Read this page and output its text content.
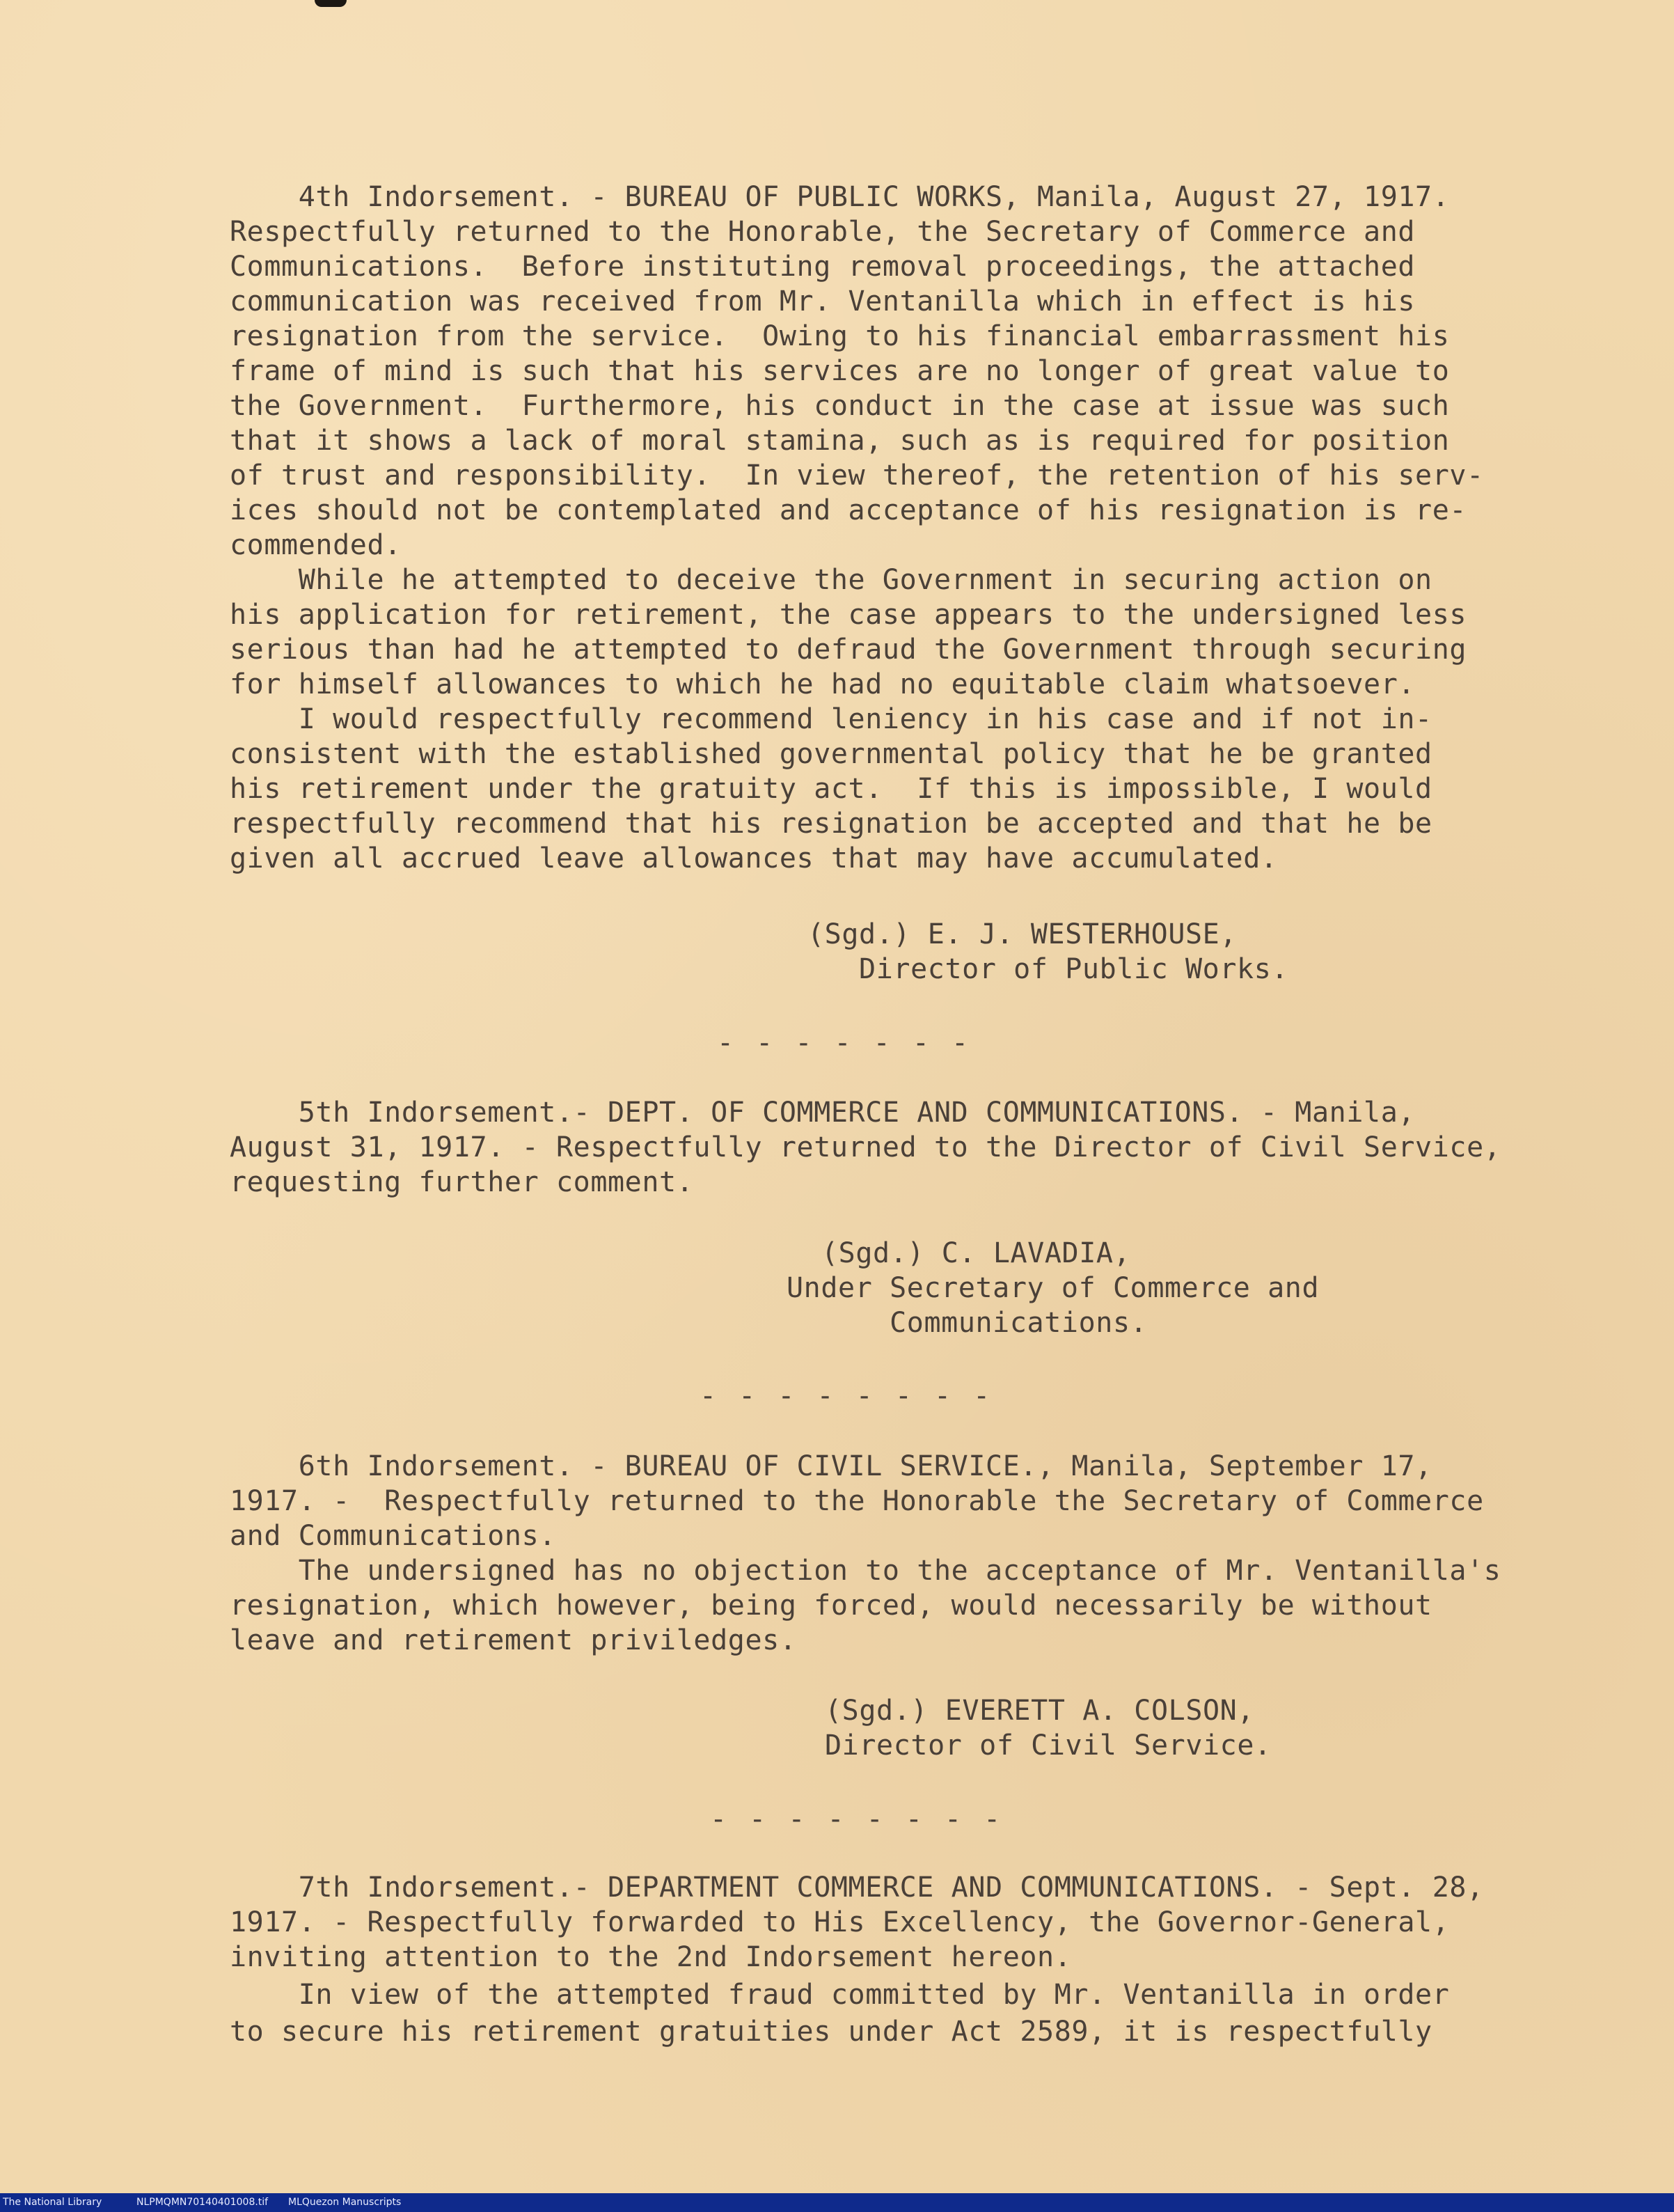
4th Indorsement. - BUREAU OF PUBLIC WORKS, Manila, August 27, 1917.
Respectfully returned to the Honorable, the Secretary of Commerce and
Communications.  Before instituting removal proceedings, the attached
communication was received from Mr. Ventanilla which in effect is his
resignation from the service.  Owing to his financial embarrassment his
frame of mind is such that his services are no longer of great value to
the Government.  Furthermore, his conduct in the case at issue was such
that it shows a lack of moral stamina, such as is required for position
of trust and responsibility.  In view thereof, the retention of his serv-
ices should not be contemplated and acceptance of his resignation is re-
commended.
While he attempted to deceive the Government in securing action on
his application for retirement, the case appears to the undersigned less
serious than had he attempted to defraud the Government through securing
for himself allowances to which he had no equitable claim whatsoever.
I would respectfully recommend leniency in his case and if not in-
consistent with the established governmental policy that he be granted
his retirement under the gratuity act.  If this is impossible, I would
respectfully recommend that his resignation be accepted and that he be
given all accrued leave allowances that may have accumulated.
(Sgd.) E. J. WESTERHOUSE,
Director of Public Works.
- - - - - - -
5th Indorsement.- DEPT. OF COMMERCE AND COMMUNICATIONS. - Manila,
August 31, 1917. - Respectfully returned to the Director of Civil Service,
requesting further comment.
(Sgd.) C. LAVADIA,
Under Secretary of Commerce and
Communications.
- - - - - - - -
6th Indorsement. - BUREAU OF CIVIL SERVICE., Manila, September 17,
1917. -  Respectfully returned to the Honorable the Secretary of Commerce
and Communications.
The undersigned has no objection to the acceptance of Mr. Ventanilla's
resignation, which however, being forced, would necessarily be without
leave and retirement priviledges.
(Sgd.) EVERETT A. COLSON,
Director of Civil Service.
- - - - - - - -
7th Indorsement.- DEPARTMENT COMMERCE AND COMMUNICATIONS. - Sept. 28,
1917. - Respectfully forwarded to His Excellency, the Governor-General,
inviting attention to the 2nd Indorsement hereon.
In view of the attempted fraud committed by Mr. Ventanilla in order
to secure his retirement gratuities under Act 2589, it is respectfully
The National Library	NLPMQMN70140401008.tif MLQuezon Manuscripts
